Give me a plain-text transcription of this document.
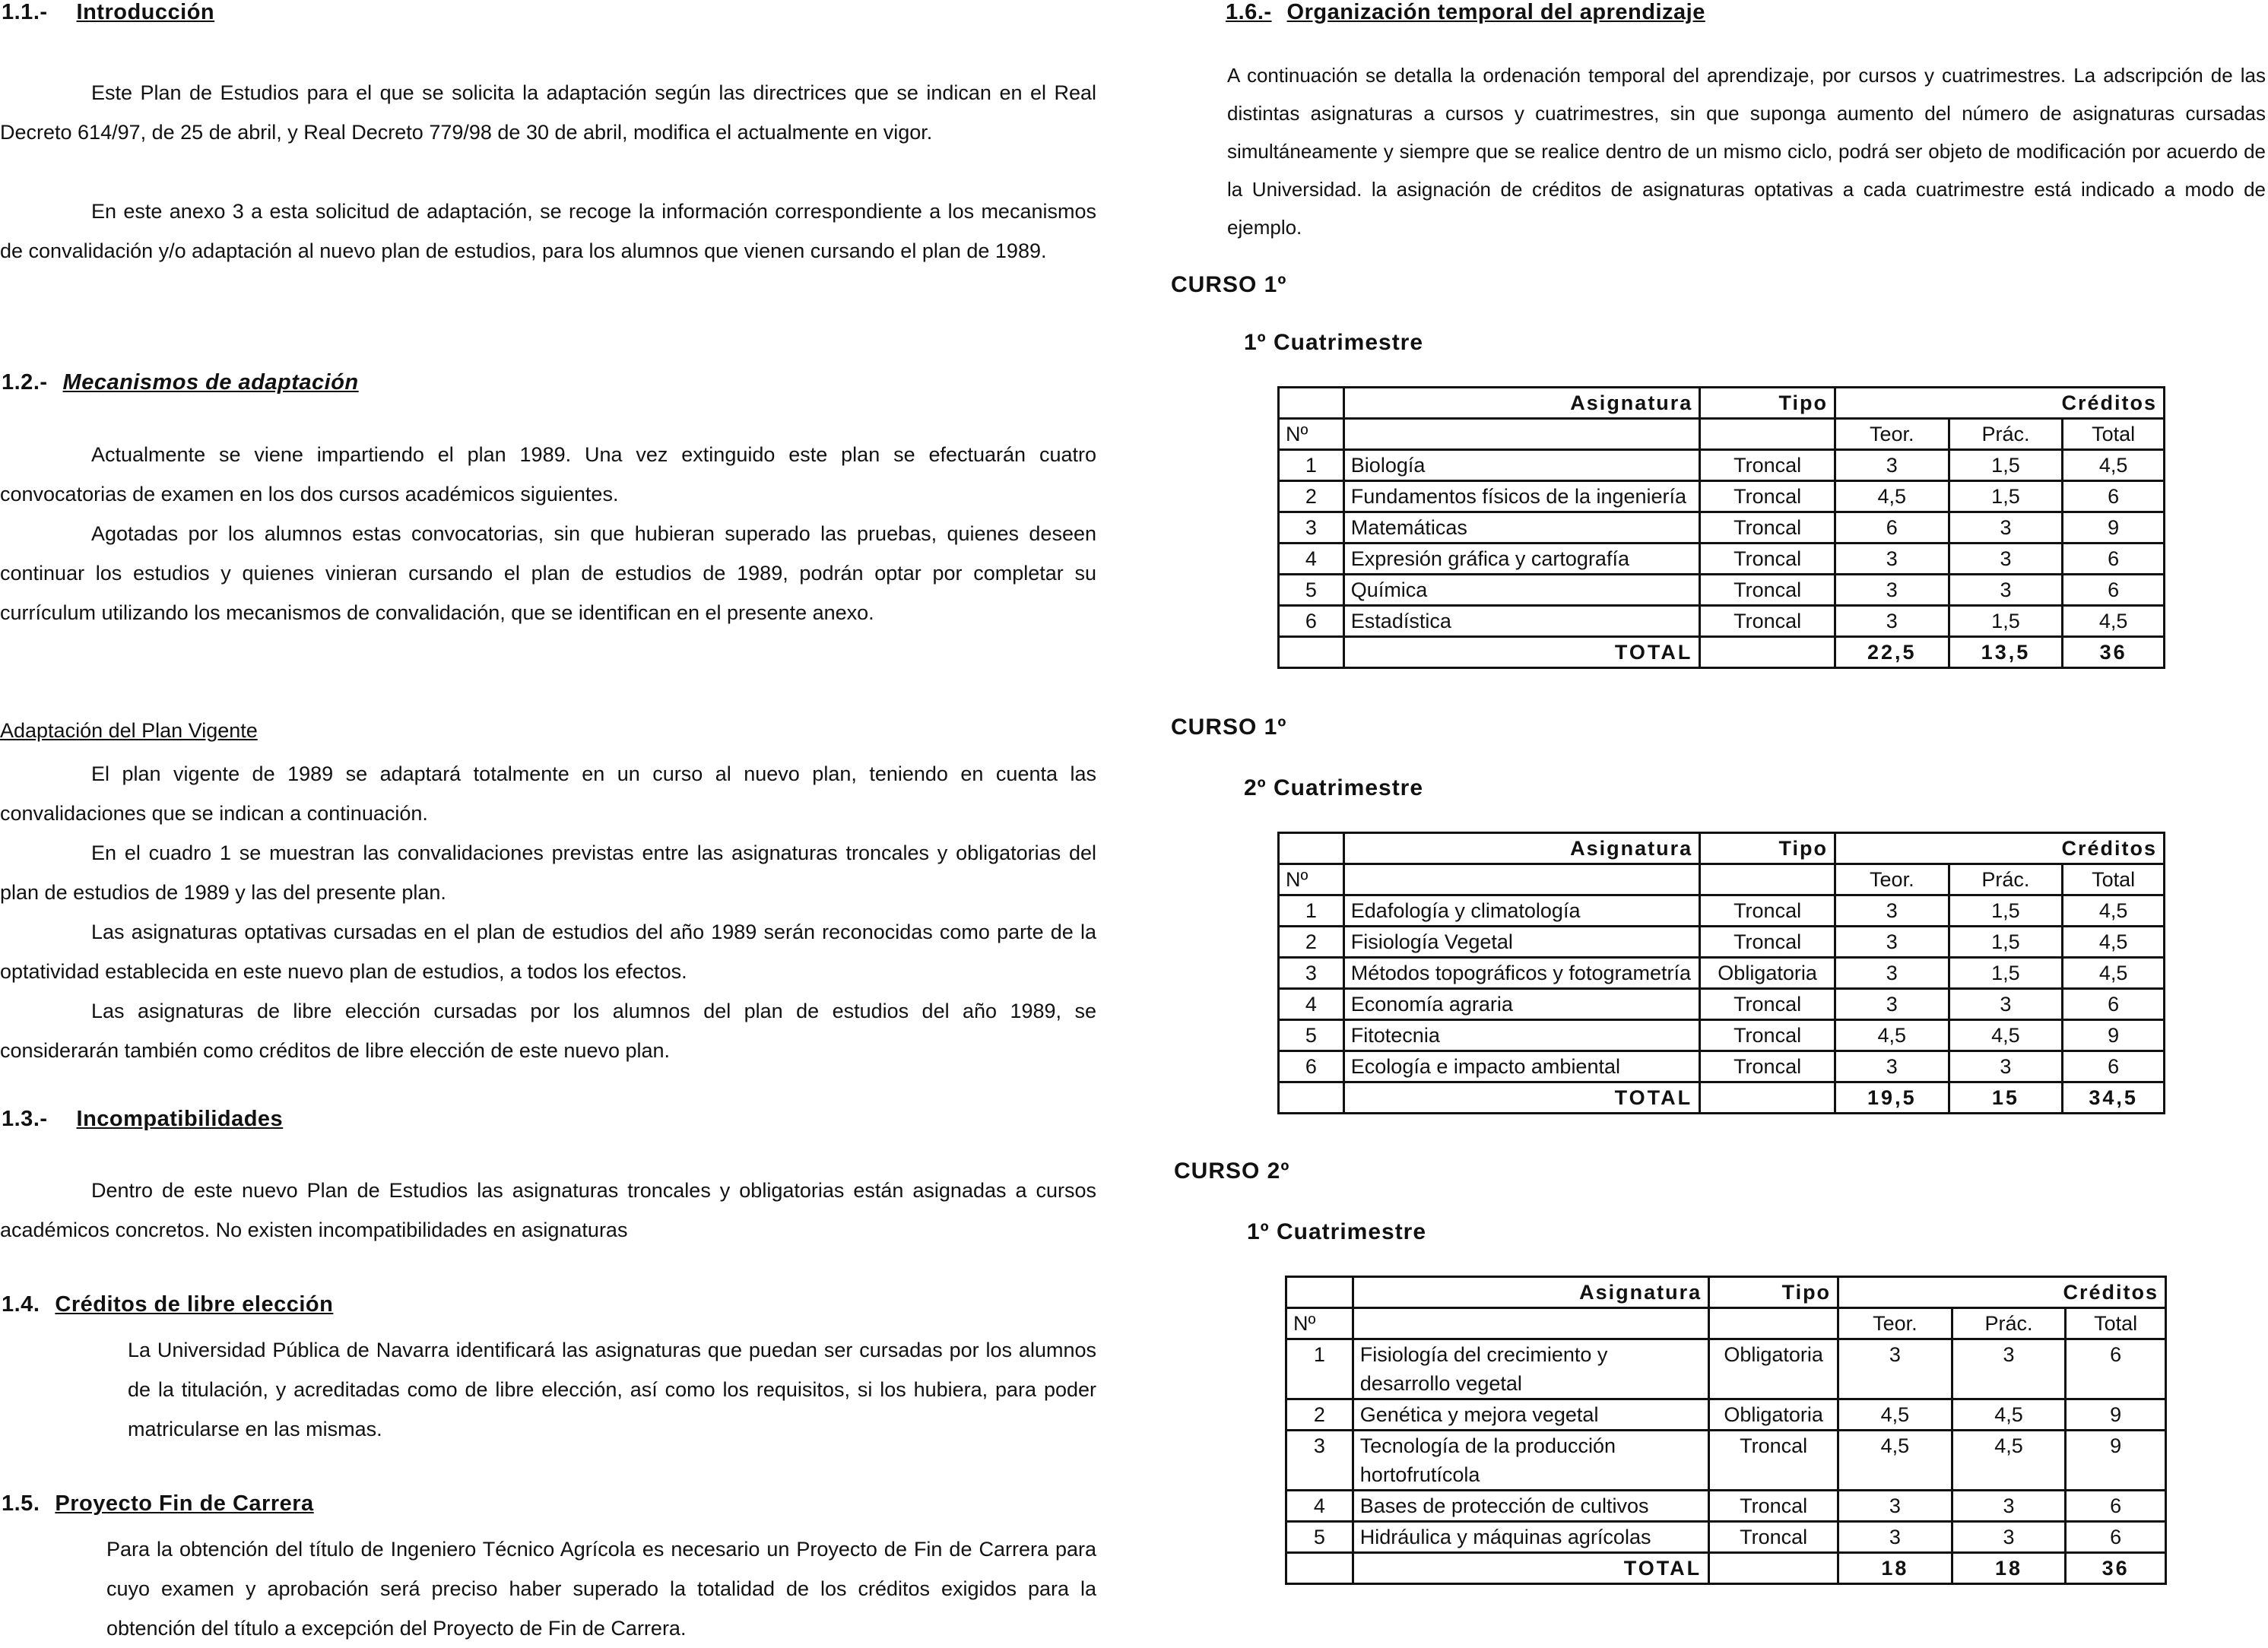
1.1.- Introducción
Este Plan de Estudios para el que se solicita la adaptación según las directrices que se indican en el Real Decreto 614/97, de 25 de abril, y Real Decreto 779/98 de 30 de abril, modifica el actualmente en vigor.
En este anexo 3 a esta solicitud de adaptación, se recoge la información correspondiente a los mecanismos de convalidación y/o adaptación al nuevo plan de estudios, para los alumnos que vienen cursando el plan de 1989.
1.2.- Mecanismos de adaptación
Actualmente se viene impartiendo el plan 1989. Una vez extinguido este plan se efectuarán cuatro convocatorias de examen en los dos cursos académicos siguientes.
Agotadas por los alumnos estas convocatorias, sin que hubieran superado las pruebas, quienes deseen continuar los estudios y quienes vinieran cursando el plan de estudios de 1989, podrán optar por completar su currículum utilizando los mecanismos de convalidación, que se identifican en el presente anexo.
Adaptación del Plan Vigente
El plan vigente de 1989 se adaptará totalmente en un curso al nuevo plan, teniendo en cuenta las convalidaciones que se indican a continuación.
En el cuadro 1 se muestran las convalidaciones previstas entre las asignaturas troncales y obligatorias del plan de estudios de 1989 y las del presente plan.
Las asignaturas optativas cursadas en el plan de estudios del año 1989 serán reconocidas como parte de la optatividad establecida en este nuevo plan de estudios, a todos los efectos.
Las asignaturas de libre elección cursadas por los alumnos del plan de estudios del año 1989, se considerarán también como créditos de libre elección de este nuevo plan.
1.3.- Incompatibilidades
Dentro de este nuevo Plan de Estudios las asignaturas troncales y obligatorias están asignadas a cursos académicos concretos. No existen incompatibilidades en asignaturas
1.4. Créditos de libre elección
La Universidad Pública de Navarra identificará las asignaturas que puedan ser cursadas por los alumnos de la titulación, y acreditadas como de libre elección, así como los requisitos, si los hubiera, para poder matricularse en las mismas.
1.5. Proyecto Fin de Carrera
Para la obtención del título de Ingeniero Técnico Agrícola es necesario un Proyecto de Fin de Carrera para cuyo examen y aprobación será preciso haber superado la totalidad de los créditos exigidos para la obtención del título a excepción del Proyecto de Fin de Carrera.
1.6.- Organización temporal del aprendizaje
A continuación se detalla la ordenación temporal del aprendizaje, por cursos y cuatrimestres. La adscripción de las distintas asignaturas a cursos y cuatrimestres, sin que suponga aumento del número de asignaturas cursadas simultáneamente y siempre que se realice dentro de un mismo ciclo, podrá ser objeto de modificación por acuerdo de la Universidad. la asignación de créditos de asignaturas optativas a cada cuatrimestre está indicado a modo de ejemplo.
CURSO 1º
1º Cuatrimestre
	Asignatura	Tipo	Créditos		
Nº			Teor.	Prác.	Total
1	Biología	Troncal	3	1,5	4,5
2	Fundamentos físicos de la ingeniería	Troncal	4,5	1,5	6
3	Matemáticas	Troncal	6	3	9
4	Expresión gráfica y cartografía	Troncal	3	3	6
5	Química	Troncal	3	3	6
6	Estadística	Troncal	3	1,5	4,5
	TOTAL		22,5	13,5	36
CURSO 1º
2º Cuatrimestre
	Asignatura	Tipo	Créditos		
Nº			Teor.	Prác.	Total
1	Edafología y climatología	Troncal	3	1,5	4,5
2	Fisiología Vegetal	Troncal	3	1,5	4,5
3	Métodos topográficos y fotogrametría	Obligatoria	3	1,5	4,5
4	Economía agraria	Troncal	3	3	6
5	Fitotecnia	Troncal	4,5	4,5	9
6	Ecología e impacto ambiental	Troncal	3	3	6
	TOTAL		19,5	15	34,5
CURSO 2º
1º Cuatrimestre
	Asignatura	Tipo	Créditos		
Nº			Teor.	Prác.	Total
1	Fisiología del crecimiento y desarrollo vegetal	Obligatoria	3	3	6
2	Genética y mejora vegetal	Obligatoria	4,5	4,5	9
3	Tecnología de la producción hortofrutícola	Troncal	4,5	4,5	9
4	Bases de protección de cultivos	Troncal	3	3	6
5	Hidráulica y máquinas agrícolas	Troncal	3	3	6
	TOTAL		18	18	36
